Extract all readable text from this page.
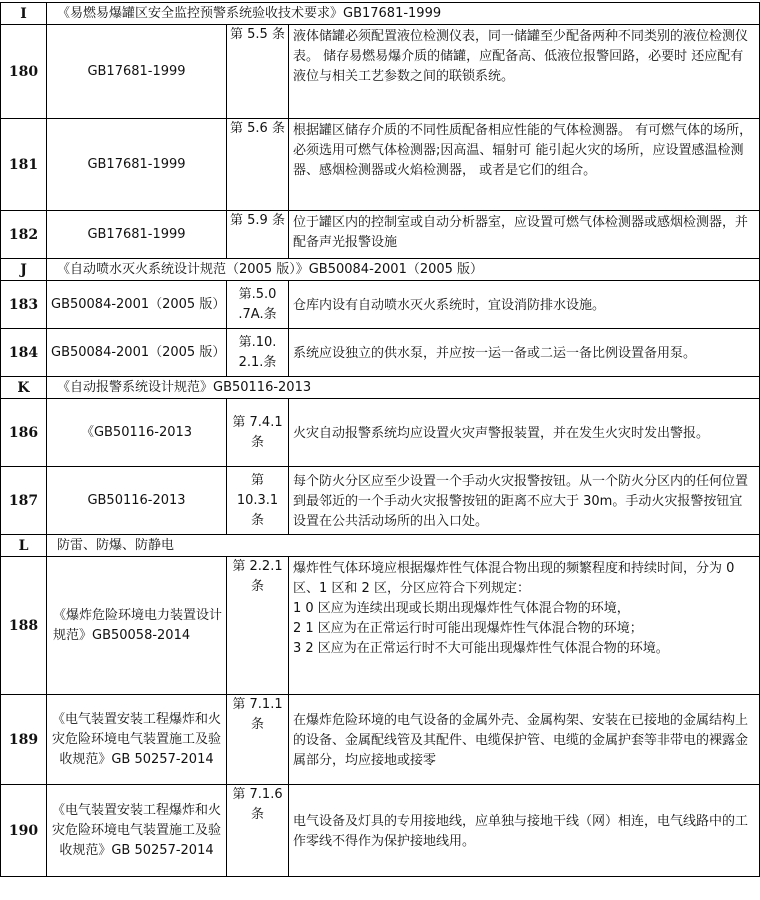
I	《易燃易爆罐区安全监控预警系统验收技术要求》GB17681-1999		
180	GB17681-1999	第 5.5 条	液体储罐必须配置液位检测仪表，同一储罐至少配备两种不同类别的液位检测仪表。 储存易燃易爆介质的储罐，应配备高、低液位报警回路，必要时 还应配有液位与相关工艺参数之间的联锁系统。
181	GB17681-1999	第 5.6 条	根据罐区储存介质的不同性质配备相应性能的气体检测器。 有可燃气体的场所，必须选用可燃气体检测器;因高温、辐射可 能引起火灾的场所，应设置感温检测器、感烟检测器或火焰检测器， 或者是它们的组合。
182	GB17681-1999	第 5.9 条	位于罐区内的控制室或自动分析器室，应设置可燃气体检测器或感烟检测器，并配备声光报警设施
J	《自动喷水灭火系统设计规范（2005 版）》GB50084-2001（2005 版）		
183	GB50084-2001（2005 版）	第.5.0 .7A.条	仓库内设有自动喷水灭火系统时，宜设消防排水设施。
184	GB50084-2001（2005 版）	第.10. 2.1.条	系统应设独立的供水泵，并应按一运一备或二运一备比例设置备用泵。
K	《自动报警系统设计规范》GB50116-2013		
186	《GB50116-2013	第 7.4.1 条	火灾自动报警系统均应设置火灾声警报装置，并在发生火灾时发出警报。
187	GB50116-2013	第 10.3.1 条	每个防火分区应至少设置一个手动火灾报警按钮。从一个防火分区内的任何位置到最邻近的一个手动火灾报警按钮的距离不应大于 30m。手动火灾报警按钮宜设置在公共活动场所的出入口处。
L	防雷、防爆、防静电		
188	《爆炸危险环境电力装置设计规范》GB50058-2014	第 2.2.1 条	爆炸性气体环境应根据爆炸性气体混合物出现的频繁程度和持续时间，分为 0 区、1 区和 2 区，分区应符合下列规定：
1 0 区应为连续出现或长期出现爆炸性气体混合物的环境，
2 1 区应为在正常运行时可能出现爆炸性气体混合物的环境；
3 2 区应为在正常运行时不大可能出现爆炸性气体混合物的环境。

189	《电气装置安装工程爆炸和火灾危险环境电气装置施工及验收规范》GB 50257-2014	第 7.1.1 条	在爆炸危险环境的电气设备的金属外壳、金属构架、安装在已接地的金属结构上的设备、金属配线管及其配件、电缆保护管、电缆的金属护套等非带电的裸露金属部分，均应接地或接零
190	《电气装置安装工程爆炸和火灾危险环境电气装置施工及验收规范》GB 50257-2014	第 7.1.6 条	电气设备及灯具的专用接地线，应单独与接地干线（网）相连，电气线路中的工作零线不得作为保护接地线用。
